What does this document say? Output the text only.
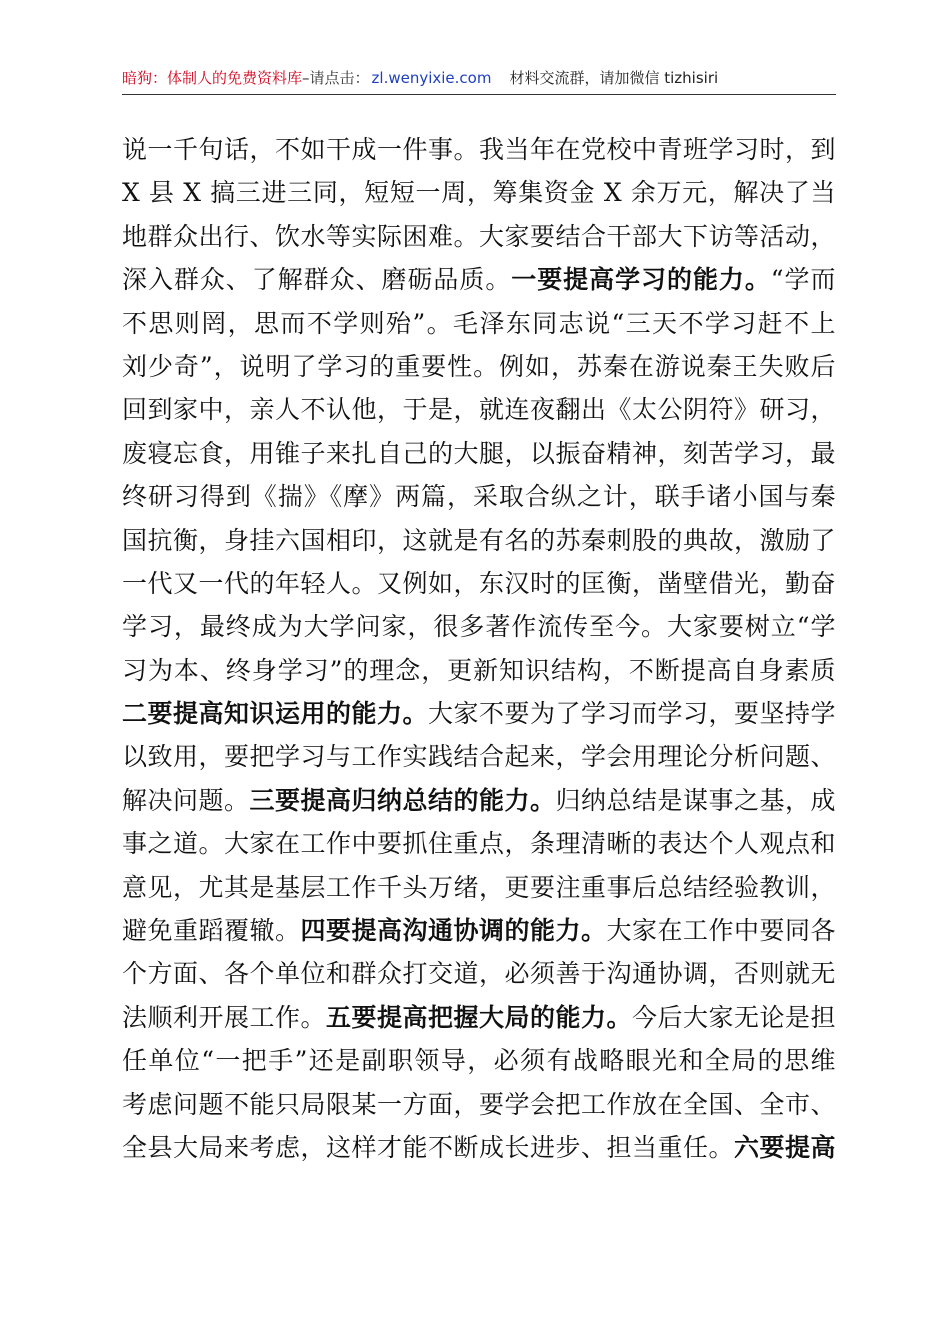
暗狗：体制人的免费资料库–请点击： zl.wenyixie.com 材料交流群，请加微信 tizhisiri
说一千句话，不如干成一件事。我当年在党校中青班学习时，到
X 县 X 搞三进三同，短短一周，筹集资金 X 余万元，解决了当
地群众出行、饮水等实际困难。大家要结合干部大下访等活动，
深入群众、了解群众、磨砺品质。一要提高学习的能力。“学而
不思则罔，思而不学则殆”。毛泽东同志说“三天不学习赶不上
刘少奇”，说明了学习的重要性。例如，苏秦在游说秦王失败后
回到家中，亲人不认他，于是，就连夜翻出《太公阴符》研习，
废寝忘食，用锥子来扎自己的大腿，以振奋精神，刻苦学习，最
终研习得到《揣》《摩》两篇，采取合纵之计，联手诸小国与秦
国抗衡，身挂六国相印，这就是有名的苏秦刺股的典故，激励了
一代又一代的年轻人。又例如，东汉时的匡衡，凿壁借光，勤奋
学习，最终成为大学问家，很多著作流传至今。大家要树立“学
习为本、终身学习”的理念，更新知识结构，不断提高自身素质
二要提高知识运用的能力。大家不要为了学习而学习，要坚持学
以致用，要把学习与工作实践结合起来，学会用理论分析问题、
解决问题。三要提高归纳总结的能力。归纳总结是谋事之基，成
事之道。大家在工作中要抓住重点，条理清晰的表达个人观点和
意见，尤其是基层工作千头万绪，更要注重事后总结经验教训，
避免重蹈覆辙。四要提高沟通协调的能力。大家在工作中要同各
个方面、各个单位和群众打交道，必须善于沟通协调，否则就无
法顺利开展工作。五要提高把握大局的能力。今后大家无论是担
任单位“一把手”还是副职领导，必须有战略眼光和全局的思维
考虑问题不能只局限某一方面，要学会把工作放在全国、全市、
全县大局来考虑，这样才能不断成长进步、担当重任。六要提高
